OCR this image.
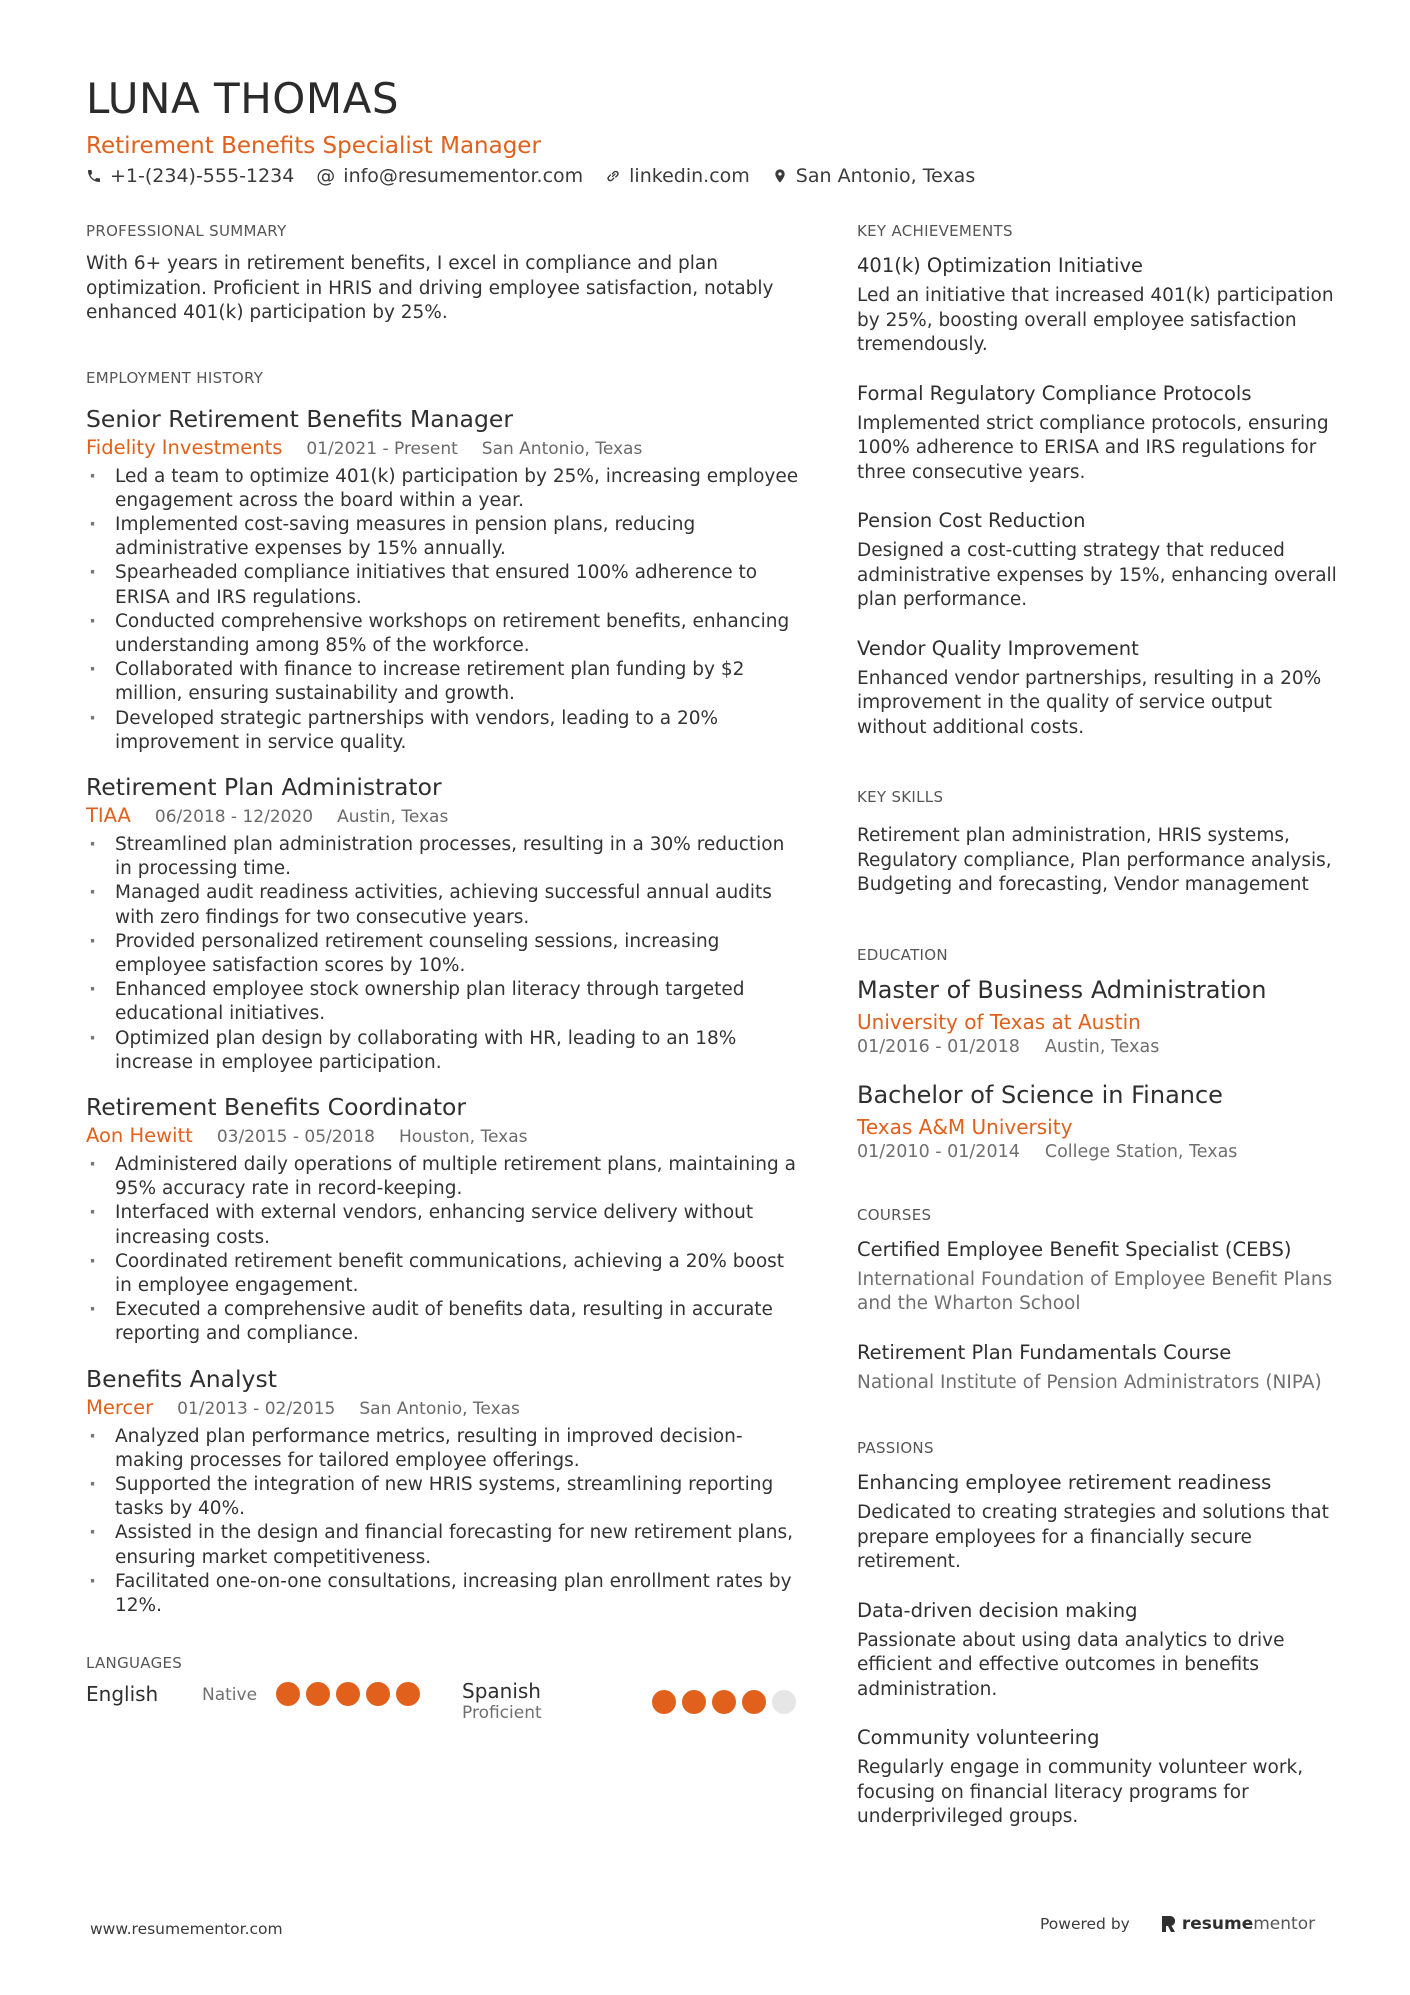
LUNA THOMAS
Retirement Benefits Specialist Manager
+1-(234)-555-1234 @ info@resumementor.com linkedin.com San Antonio, Texas
PROFESSIONAL SUMMARY

With 6+ years in retirement benefits, I excel in compliance and plan optimization. Proficient in HRIS and driving employee satisfaction, notably enhanced 401(k) participation by 25%.

EMPLOYMENT HISTORY
Senior Retirement Benefits Manager
Fidelity Investments 01/2021 - Present San Antonio, Texas
· Led a team to optimize 401(k) participation by 25%, increasing employee engagement across the board within a year.
· Implemented cost-saving measures in pension plans, reducing administrative expenses by 15% annually.
· Spearheaded compliance initiatives that ensured 100% adherence to ERISA and IRS regulations.
· Conducted comprehensive workshops on retirement benefits, enhancing understanding among 85% of the workforce.
· Collaborated with finance to increase retirement plan funding by $2 million, ensuring sustainability and growth.
· Developed strategic partnerships with vendors, leading to a 20% improvement in service quality.
Retirement Plan Administrator
TIAA 06/2018 - 12/2020 Austin, Texas
· Streamlined plan administration processes, resulting in a 30% reduction in processing time.
· Managed audit readiness activities, achieving successful annual audits with zero findings for two consecutive years.
· Provided personalized retirement counseling sessions, increasing employee satisfaction scores by 10%.
· Enhanced employee stock ownership plan literacy through targeted educational initiatives.
· Optimized plan design by collaborating with HR, leading to an 18% increase in employee participation.
Retirement Benefits Coordinator
Aon Hewitt 03/2015 - 05/2018 Houston, Texas
· Administered daily operations of multiple retirement plans, maintaining a 95% accuracy rate in record-keeping.
· Interfaced with external vendors, enhancing service delivery without increasing costs.
· Coordinated retirement benefit communications, achieving a 20% boost in employee engagement.
· Executed a comprehensive audit of benefits data, resulting in accurate reporting and compliance.
Benefits Analyst
Mercer 01/2013 - 02/2015 San Antonio, Texas
· Analyzed plan performance metrics, resulting in improved decision-making processes for tailored employee offerings.
· Supported the integration of new HRIS systems, streamlining reporting tasks by 40%.
· Assisted in the design and financial forecasting for new retirement plans, ensuring market competitiveness.
· Facilitated one-on-one consultations, increasing plan enrollment rates by 12%.
LANGUAGES
English	Native	Spanish
Proficient
KEY ACHIEVEMENTS
401(k) Optimization Initiative

Led an initiative that increased 401(k) participation by 25%, boosting overall employee satisfaction tremendously.

Formal Regulatory Compliance Protocols

Implemented strict compliance protocols, ensuring 100% adherence to ERISA and IRS regulations for three consecutive years.

Pension Cost Reduction

Designed a cost-cutting strategy that reduced administrative expenses by 15%, enhancing overall plan performance.

Vendor Quality Improvement

Enhanced vendor partnerships, resulting in a 20% improvement in the quality of service output without additional costs.

KEY SKILLS

Retirement plan administration, HRIS systems, Regulatory compliance, Plan performance analysis, Budgeting and forecasting, Vendor management

EDUCATION
Master of Business Administration
University of Texas at Austin
01/2016 - 01/2018 Austin, Texas
Bachelor of Science in Finance
Texas A&M University
01/2010 - 01/2014 College Station, Texas
COURSES
Certified Employee Benefit Specialist (CEBS)
International Foundation of Employee Benefit Plans and the Wharton School
Retirement Plan Fundamentals Course
National Institute of Pension Administrators (NIPA)
PASSIONS
Enhancing employee retirement readiness

Dedicated to creating strategies and solutions that prepare employees for a financially secure retirement.

Data-driven decision making

Passionate about using data analytics to drive efficient and effective outcomes in benefits administration.

Community volunteering

Regularly engage in community volunteer work, focusing on financial literacy programs for underprivileged groups.

www.resumementor.com	Powered by	resume mentor
